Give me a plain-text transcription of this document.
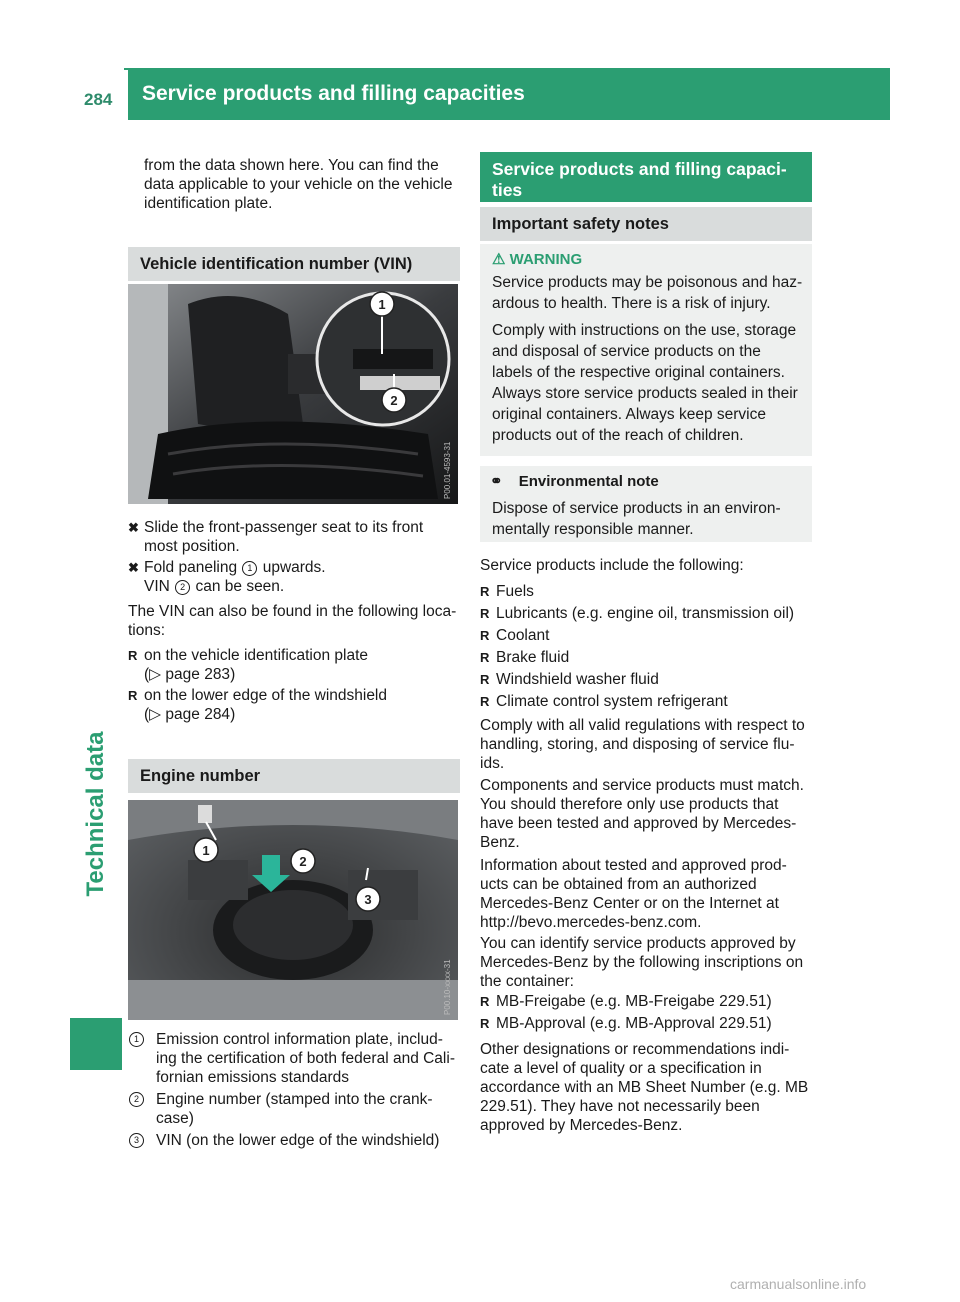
284 Service products and filling capacities
Technical data

from the data shown here. You can find the data applicable to your vehicle on the vehicle identification plate.

Vehicle identification number (VIN)
1
2
P00.01-4593-31
✖ Slide the front-passenger seat to its front most position.
✖ Fold paneling 1 upwards.
VIN 2 can be seen.

The VIN can also be found in the following loca-tions:

R on the vehicle identification plate
(▷ page 283)
R on the lower edge of the windshield
(▷ page 284)
Engine number
1
2
3
P00.10-xxxx-31
1	Emission control information plate, includ-ing the certification of both federal and Cali-fornian emissions standards
2	Engine number (stamped into the crank-case)
3	VIN (on the lower edge of the windshield)
Service products and filling capaci-ties
Important safety notes
⚠ WARNING

Service products may be poisonous and haz-ardous to health. There is a risk of injury.

Comply with instructions on the use, storage and disposal of service products on the labels of the respective original containers. Always store service products sealed in their original containers. Always keep service products out of the reach of children.

⚭ Environmental note

Dispose of service products in an environ-mentally responsible manner.

Service products include the following:

R Fuels
R Lubricants (e.g. engine oil, transmission oil)
R Coolant
R Brake fluid
R Windshield washer fluid
R Climate control system refrigerant

Comply with all valid regulations with respect to handling, storing, and disposing of service flu-ids.

Components and service products must match. You should therefore only use products that have been tested and approved by Mercedes-Benz.

Information about tested and approved prod-ucts can be obtained from an authorized Mercedes-Benz Center or on the Internet at http://bevo.mercedes-benz.com.

You can identify service products approved by Mercedes-Benz by the following inscriptions on the container:

R MB-Freigabe (e.g. MB-Freigabe 229.51)
R MB-Approval (e.g. MB-Approval 229.51)

Other designations or recommendations indi-cate a level of quality or a specification in accordance with an MB Sheet Number (e.g. MB 229.51). They have not necessarily been approved by Mercedes-Benz.

carmanualsonline.info
